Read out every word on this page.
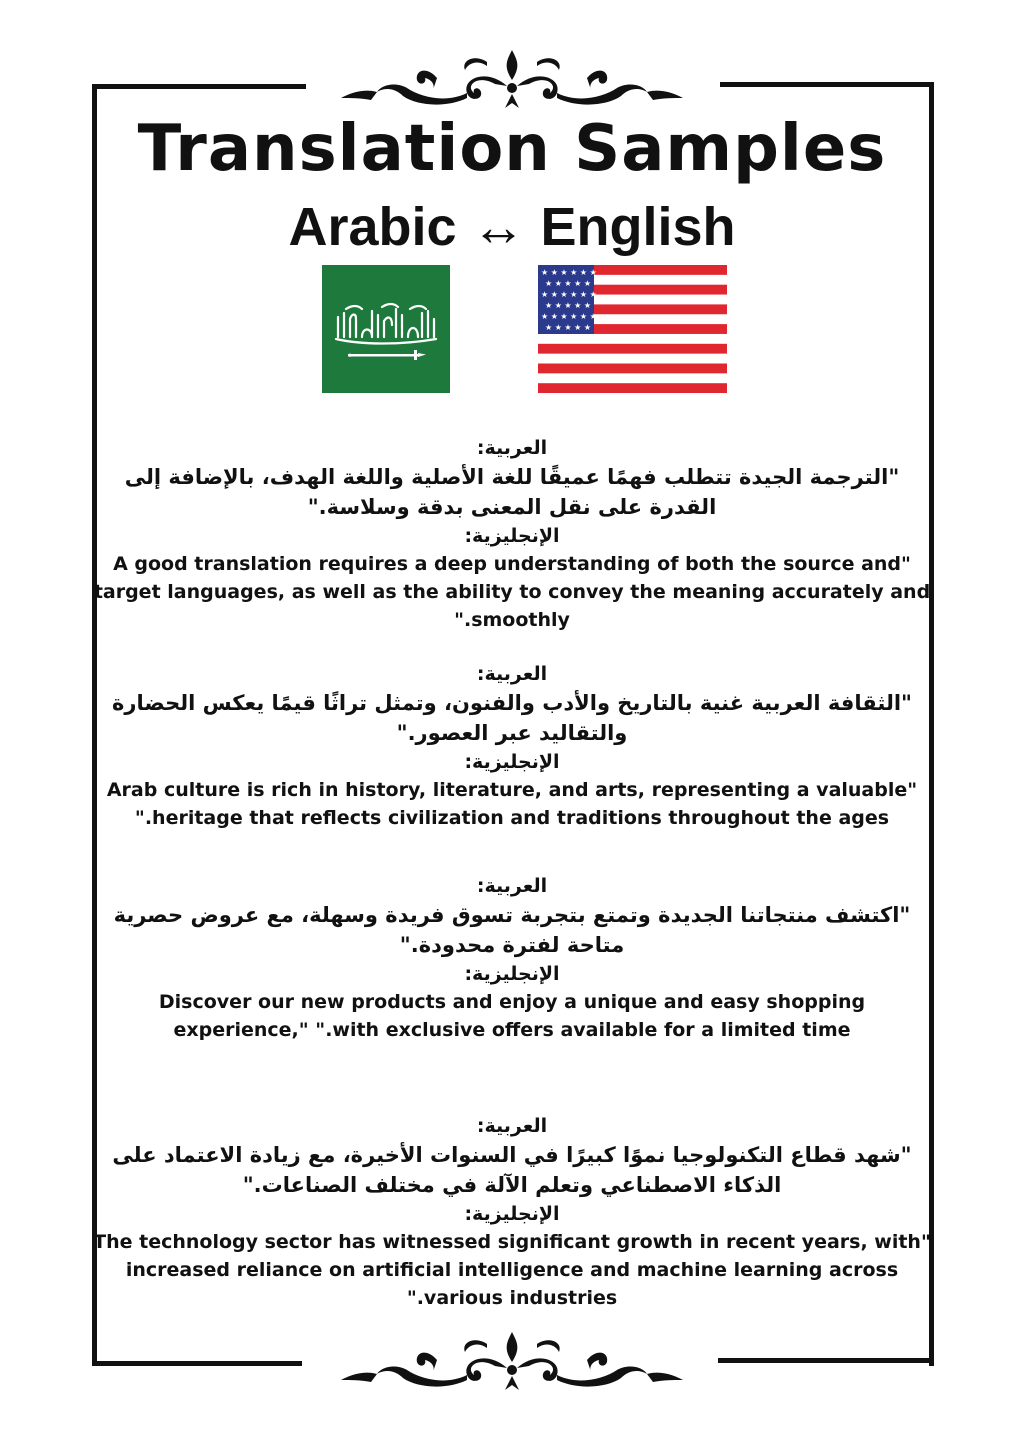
Translation Samples
Arabic ↔ English
★ ★ ★ ★ ★ ★
★ ★ ★ ★ ★
★ ★ ★ ★ ★ ★
★ ★ ★ ★ ★
★ ★ ★ ★ ★ ★
★ ★ ★ ★ ★
العربية:
"الترجمة الجيدة تتطلب فهمًا عميقًا للغة الأصلية واللغة الهدف، بالإضافة إلى القدرة على نقل المعنى بدقة وسلاسة."
الإنجليزية:
A good translation requires a deep understanding of both the source and" target languages, as well as the ability to convey the meaning accurately and ".smoothly
العربية:
"الثقافة العربية غنية بالتاريخ والأدب والفنون، وتمثل تراثًا قيمًا يعكس الحضارة والتقاليد عبر العصور."
الإنجليزية:
Arab culture is rich in history, literature, and arts, representing a valuable" ".heritage that reflects civilization and traditions throughout the ages
العربية:
"اكتشف منتجاتنا الجديدة وتمتع بتجربة تسوق فريدة وسهلة، مع عروض حصرية متاحة لفترة محدودة."
الإنجليزية:
Discover our new products and enjoy a unique and easy shopping experience," ".with exclusive offers available for a limited time
العربية:
"شهد قطاع التكنولوجيا نموًا كبيرًا في السنوات الأخيرة، مع زيادة الاعتماد على الذكاء الاصطناعي وتعلم الآلة في مختلف الصناعات."
الإنجليزية:
The technology sector has witnessed significant growth in recent years, with" increased reliance on artificial intelligence and machine learning across ".various industries
